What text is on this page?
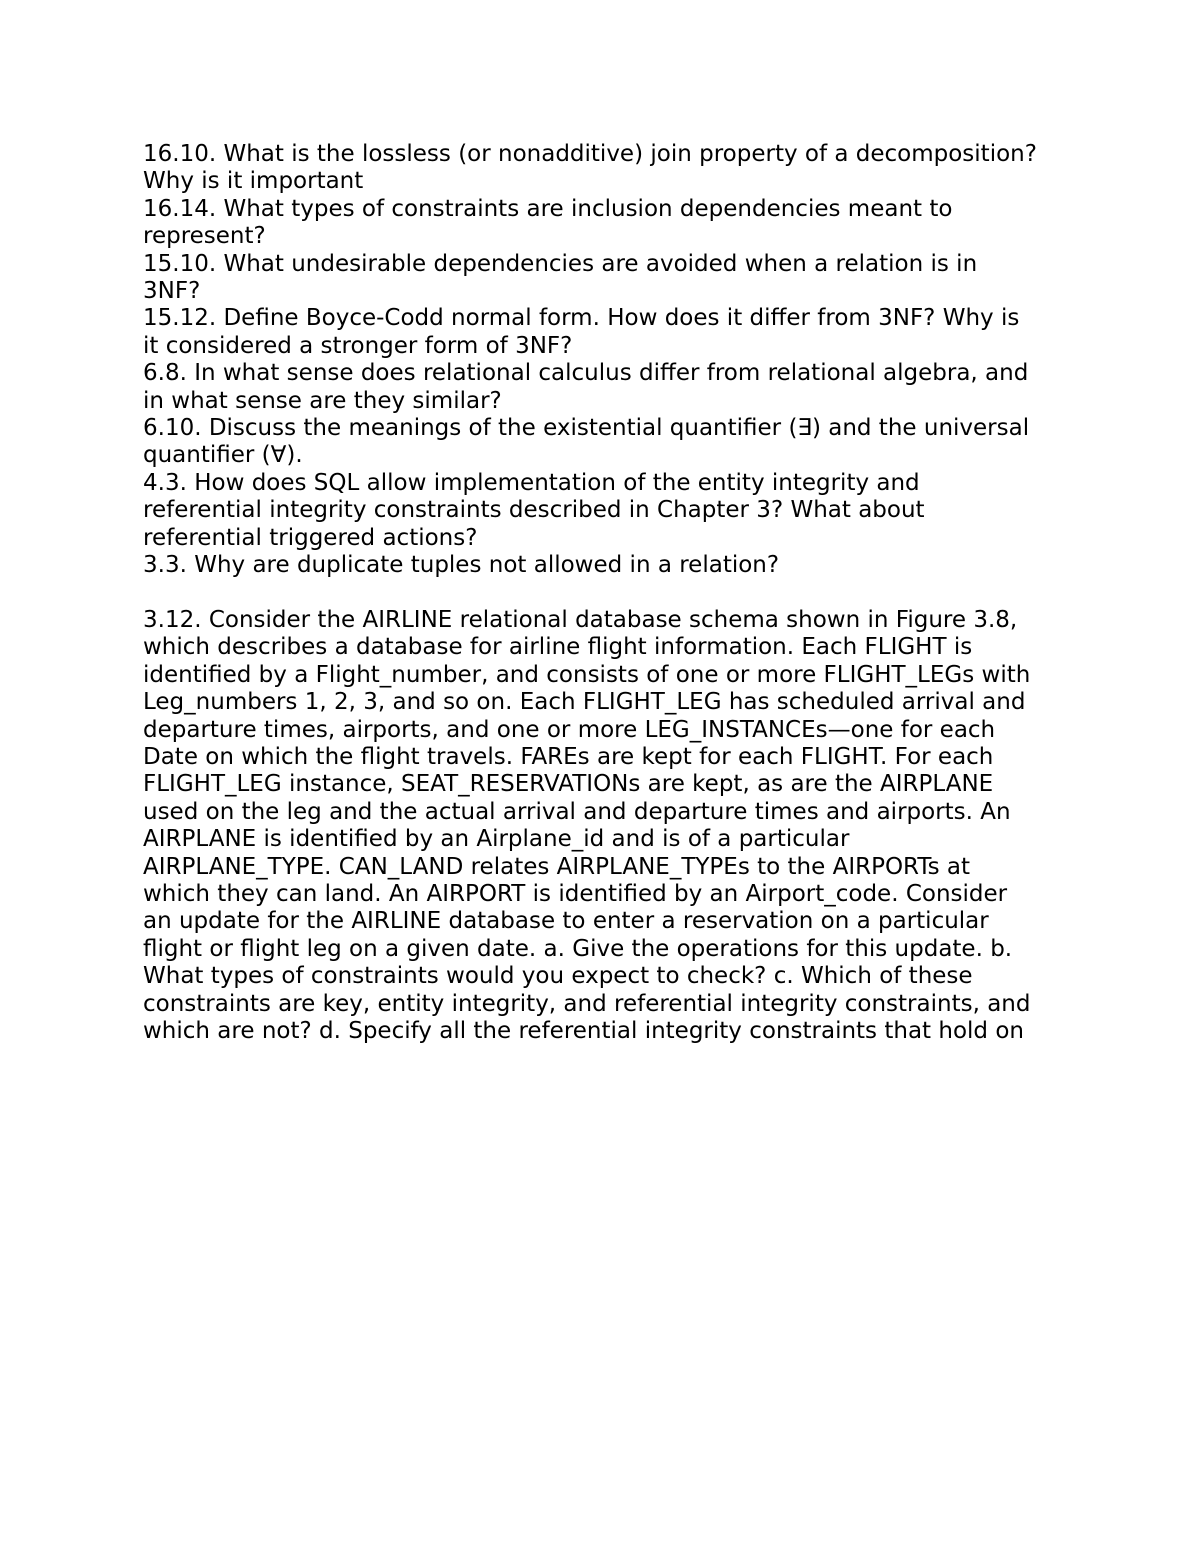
16.10. What is the lossless (or nonadditive) join property of a decomposition?
Why is it important
16.14. What types of constraints are inclusion dependencies meant to
represent?
15.10. What undesirable dependencies are avoided when a relation is in
3NF?
15.12. Define Boyce-Codd normal form. How does it differ from 3NF? Why is
it considered a stronger form of 3NF?
6.8. In what sense does relational calculus differ from relational algebra, and
in what sense are they similar?
6.10. Discuss the meanings of the existential quantifier (∃) and the universal
quantifier (∀).
4.3. How does SQL allow implementation of the entity integrity and
referential integrity constraints described in Chapter 3? What about
referential triggered actions?
3.3. Why are duplicate tuples not allowed in a relation?
3.12. Consider the AIRLINE relational database schema shown in Figure 3.8,
which describes a database for airline flight information. Each FLIGHT is
identified by a Flight_number, and consists of one or more FLIGHT_LEGs with
Leg_numbers 1, 2, 3, and so on. Each FLIGHT_LEG has scheduled arrival and
departure times, airports, and one or more LEG_INSTANCEs—one for each
Date on which the flight travels. FAREs are kept for each FLIGHT. For each
FLIGHT_LEG instance, SEAT_RESERVATIONs are kept, as are the AIRPLANE
used on the leg and the actual arrival and departure times and airports. An
AIRPLANE is identified by an Airplane_id and is of a particular
AIRPLANE_TYPE. CAN_LAND relates AIRPLANE_TYPEs to the AIRPORTs at
which they can land. An AIRPORT is identified by an Airport_code. Consider
an update for the AIRLINE database to enter a reservation on a particular
flight or flight leg on a given date. a. Give the operations for this update. b.
What types of constraints would you expect to check? c. Which of these
constraints are key, entity integrity, and referential integrity constraints, and
which are not? d. Specify all the referential integrity constraints that hold on
